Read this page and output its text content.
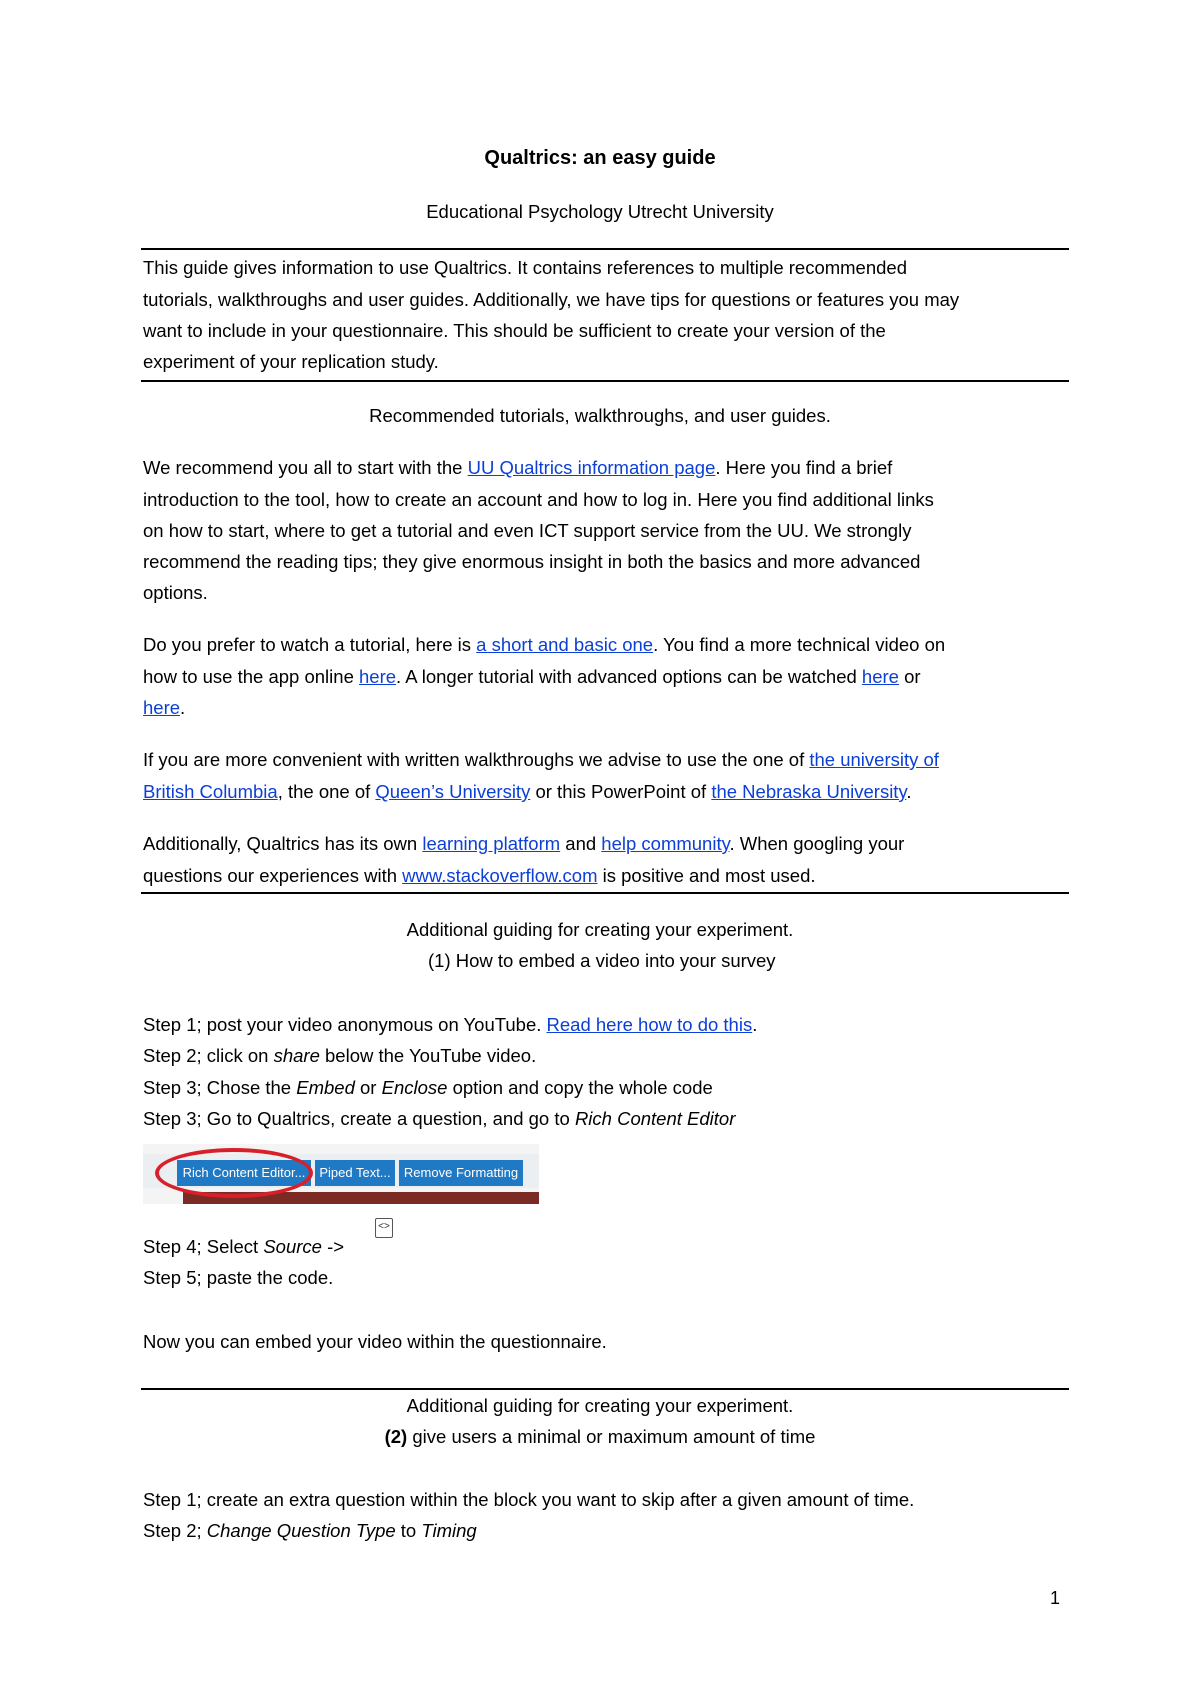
Qualtrics: an easy guide
Educational Psychology Utrecht University
This guide gives information to use Qualtrics. It contains references to multiple recommended
tutorials, walkthroughs and user guides. Additionally, we have tips for questions or features you may
want to include in your questionnaire. This should be sufficient to create your version of the
experiment of your replication study.
Recommended tutorials, walkthroughs, and user guides.
We recommend you all to start with the UU Qualtrics information page. Here you find a brief
introduction to the tool, how to create an account and how to log in. Here you find additional links
on how to start, where to get a tutorial and even ICT support service from the UU. We strongly
recommend the reading tips; they give enormous insight in both the basics and more advanced
options.
Do you prefer to watch a tutorial, here is a short and basic one. You find a more technical video on
how to use the app online here. A longer tutorial with advanced options can be watched here or
here.
If you are more convenient with written walkthroughs we advise to use the one of the university of
British Columbia, the one of Queen’s University or this PowerPoint of the Nebraska University.
Additionally, Qualtrics has its own learning platform and help community. When googling your
questions our experiences with www.stackoverflow.com is positive and most used.
Additional guiding for creating your experiment.
(1) How to embed a video into your survey
Step 1; post your video anonymous on YouTube. Read here how to do this.
Step 2; click on share below the YouTube video.
Step 3; Chose the Embed or Enclose option and copy the whole code
Step 3; Go to Qualtrics, create a question, and go to Rich Content Editor
Rich Content Editor...	Piped Text...	Remove Formatting
Step 4; Select Source ->
<>
Step 5; paste the code.
Now you can embed your video within the questionnaire.
Additional guiding for creating your experiment.
(2) give users a minimal or maximum amount of time
Step 1; create an extra question within the block you want to skip after a given amount of time.
Step 2; Change Question Type to Timing
1
